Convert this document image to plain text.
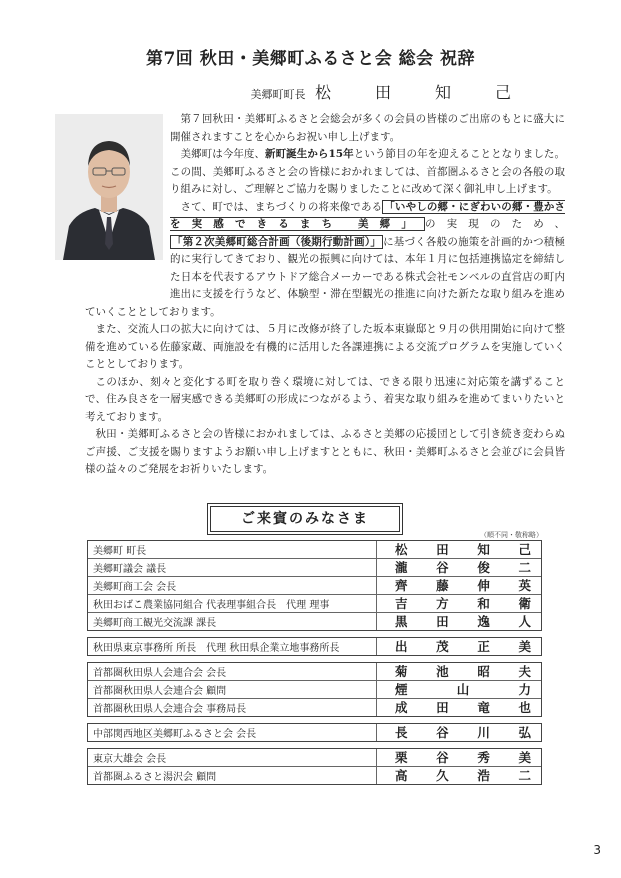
第7回 秋田・美郷町ふるさと会 総会 祝辞
美郷町町長 松　田　知　己

第７回秋田・美郷町ふるさと会総会が多くの会員の皆様のご出席のもとに盛大に開催されますことを心からお祝い申し上げます。

美郷町は今年度、新町誕生から15年という節目の年を迎えることとなりました。この間、美郷町ふるさと会の皆様におかれましては、首都圏ふるさと会の各般の取り組みに対し、ご理解とご協力を賜りましたことに改めて深く御礼申し上げます。

さて、町では、まちづくりの将来像である 「いやしの郷・にぎわいの郷・豊かさを実感できるまち 美郷」 の実現のため、「第２次美郷町総合計画（後期行動計画）」 に基づく各般の施策を計画的かつ積極的に実行してきており、観光の振興に向けては、本年１月に包括連携協定を締結した日本を代表するアウトドア総合メーカーである株式会社モンベルの直営店の町内進出に支援を行うなど、体験型・滞在型観光の推進に向けた新たな取り組みを進めていくこととしております。

また、交流人口の拡大に向けては、５月に改修が終了した坂本東嶽邸と９月の供用開始に向けて整備を進めている佐藤家蔵、両施設を有機的に活用した各課連携による交流プログラムを実施していくこととしております。

このほか、刻々と変化する町を取り巻く環境に対しては、できる限り迅速に対応策を講ずることで、住み良さを一層実感できる美郷町の形成につながるよう、着実な取り組みを進めてまいりたいと考えております。

秋田・美郷町ふるさと会の皆様におかれましては、ふるさと美郷の応援団として引き続き変わらぬご声援、ご支援を賜りますようお願い申し上げますとともに、秋田・美郷町ふるさと会並びに会員皆様の益々のご発展をお祈りいたします。

ご来賓のみなさま
（順不同・敬称略）
美郷町 町長	松田知己
美郷町議会 議長	瀧谷俊二
美郷町商工会 会長	齊藤伸英
秋田おばこ農業協同組合 代表理事組合長　代理 理事	吉方和衛
美郷町商工観光交流課 課長	黒田逸人
秋田県東京事務所 所長　代理 秋田県企業立地事務所長	出茂正美
首都圏秋田県人会連合会 会長	菊池昭夫
首都圏秋田県人会連合会 顧問	煙山力
首都圏秋田県人会連合会 事務局長	成田竜也
中部関西地区美郷町ふるさと会 会長	長谷川弘
東京大雄会 会長	栗谷秀美
首都圏ふるさと湯沢会 顧問	高久浩二
3
